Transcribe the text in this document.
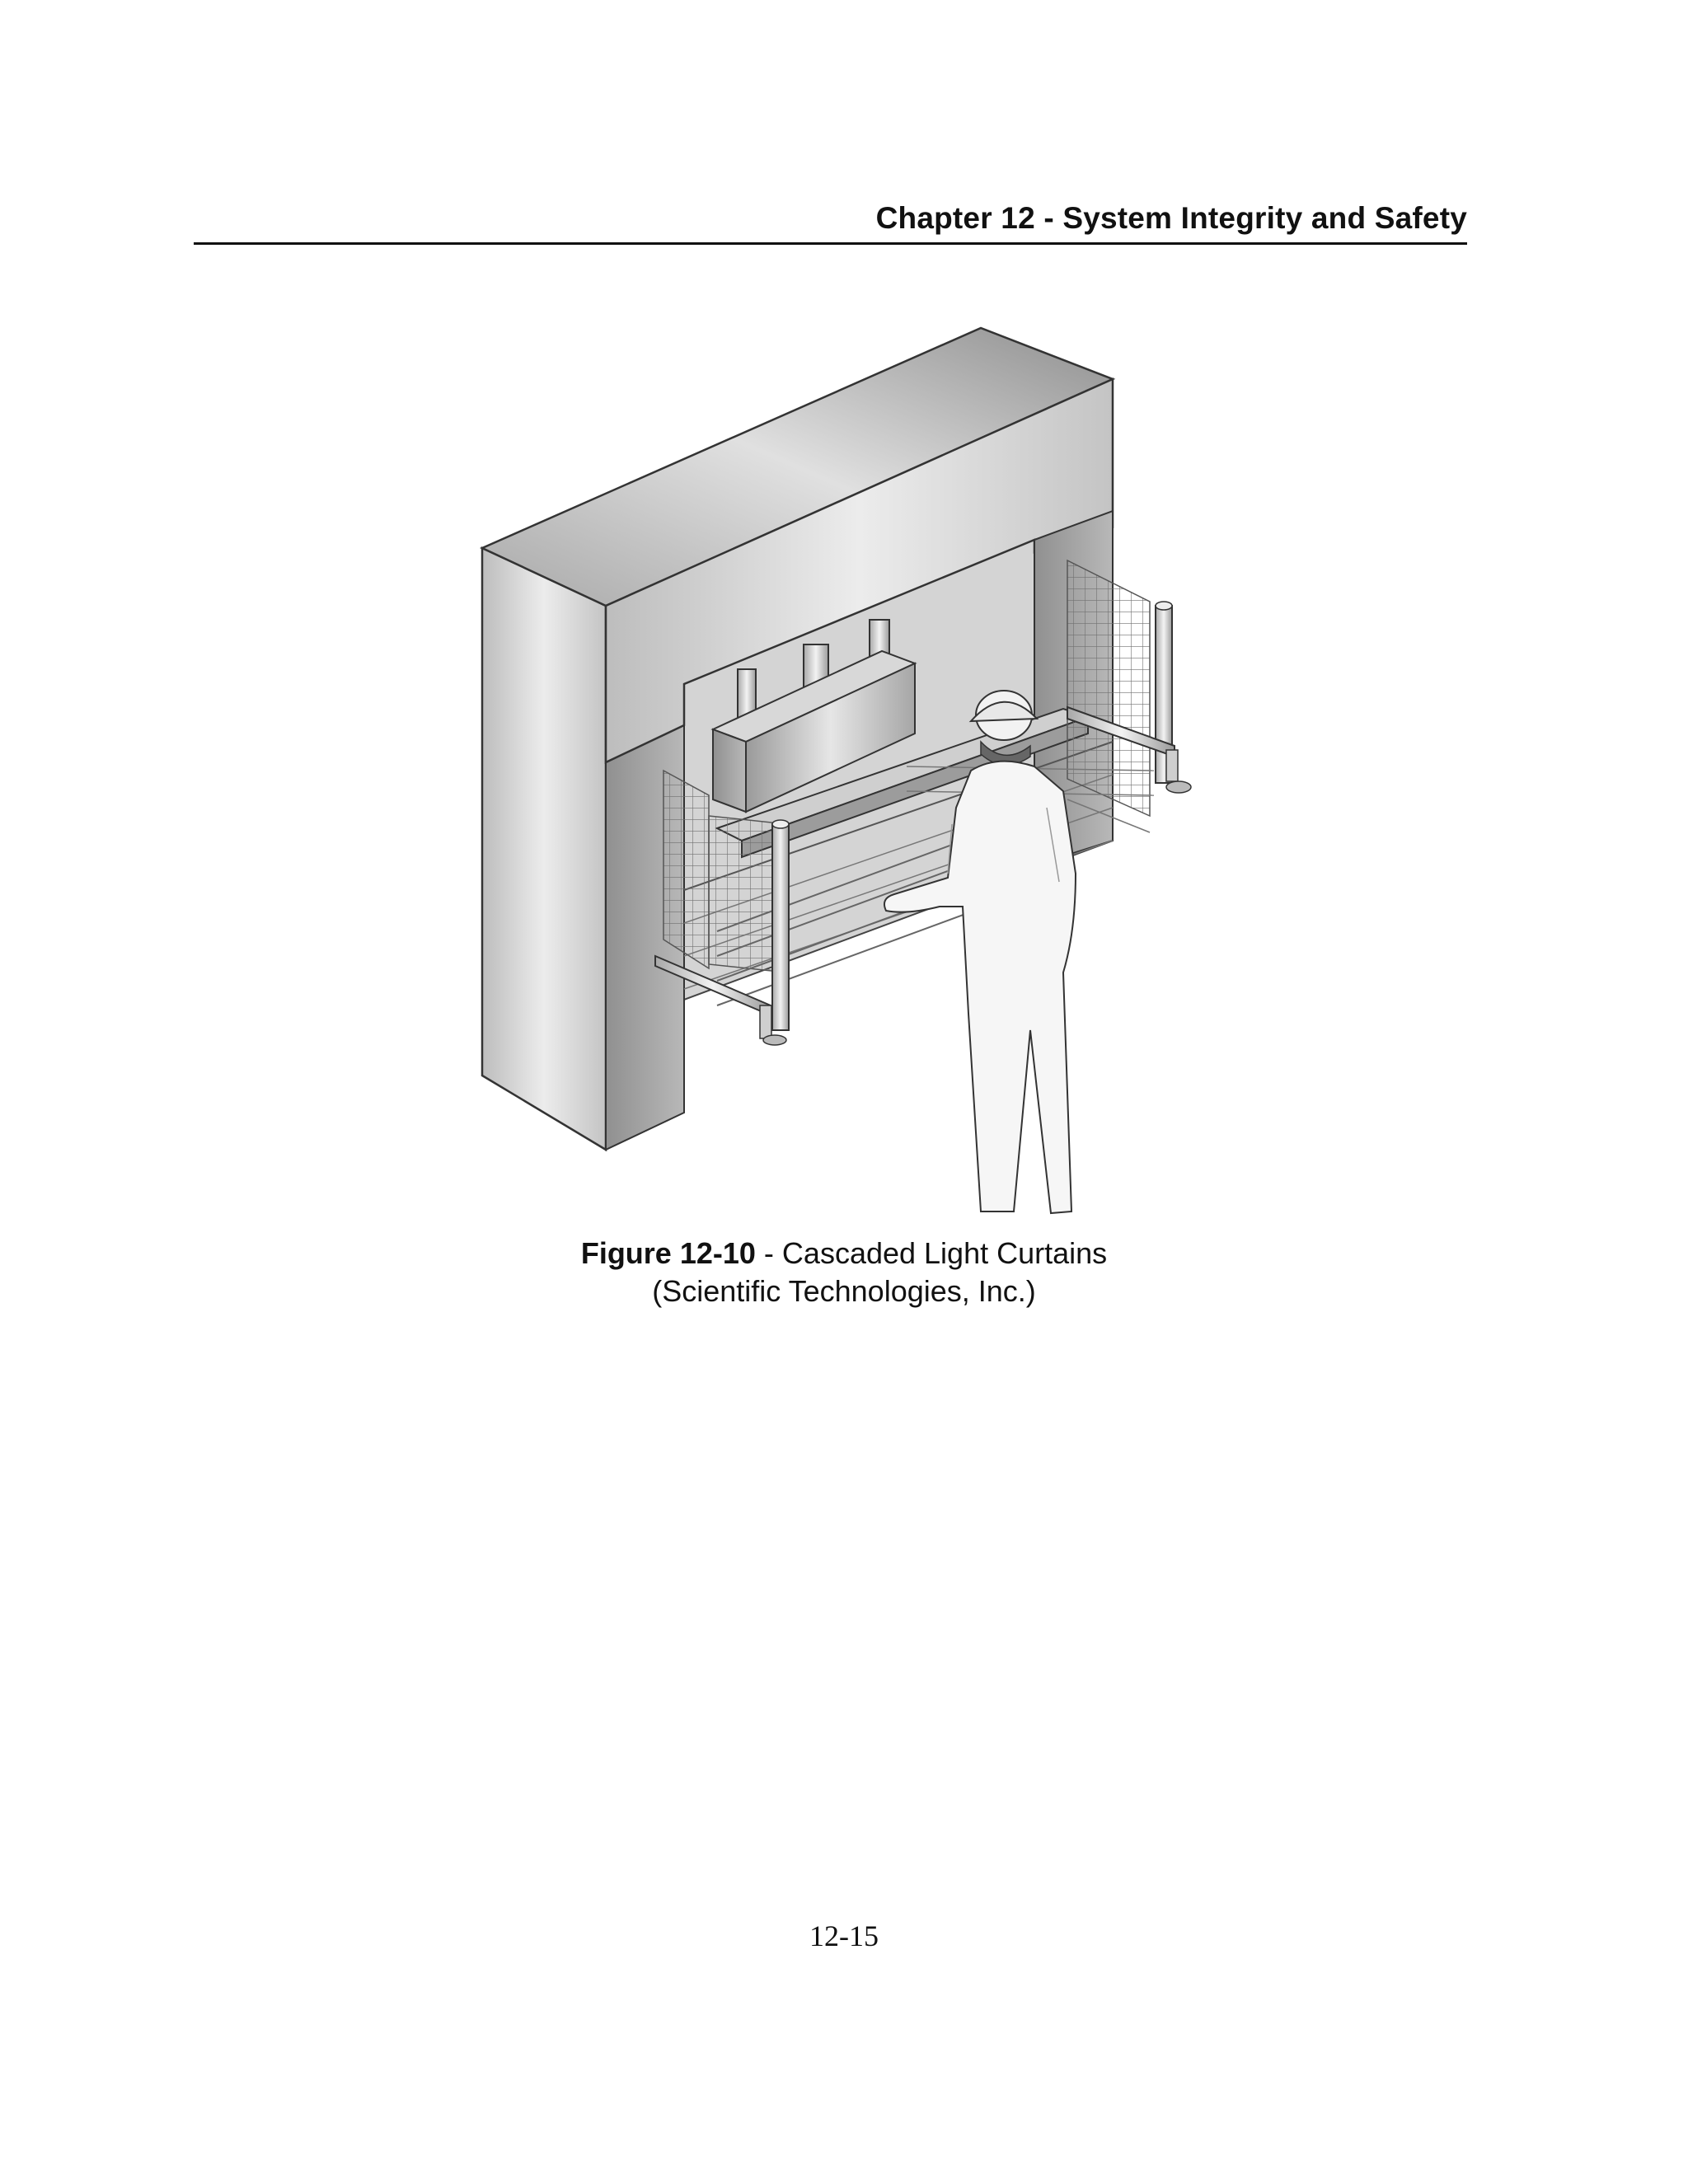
Chapter 12 - System Integrity and Safety
Figure 12-10 - Cascaded Light Curtains
(Scientific Technologies, Inc.)
12-15
